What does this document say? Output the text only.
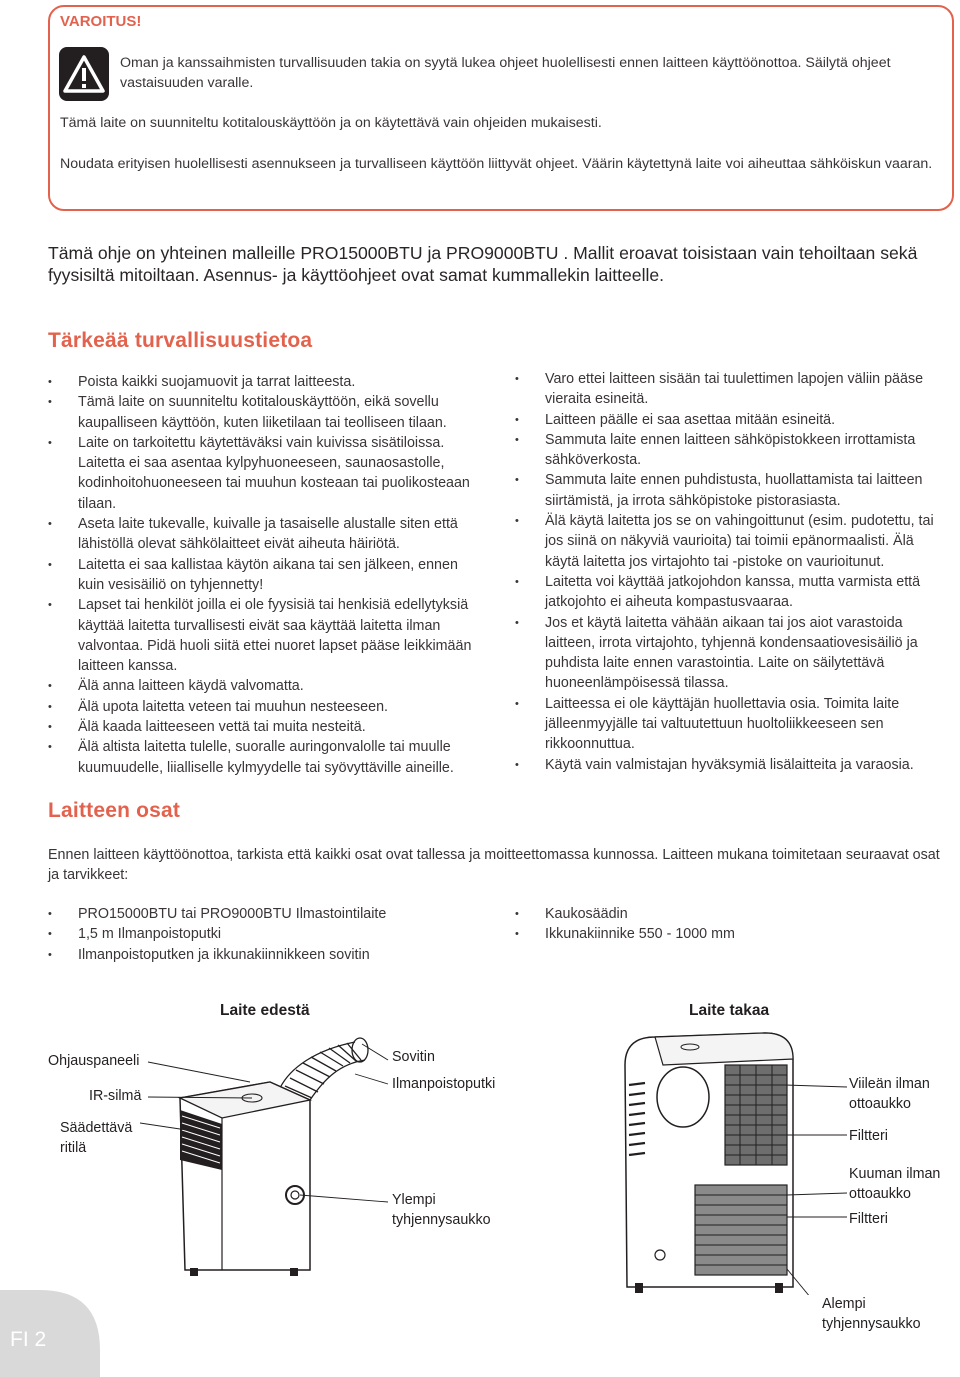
VAROITUS!

Oman ja kanssaihmisten turvallisuuden takia on syytä lukea ohjeet huolellisesti ennen laitteen käyttöönottoa. Säilytä ohjeet vastaisuuden varalle.

Tämä laite on suunniteltu kotitalouskäyttöön ja on käytettävä vain ohjeiden mukaisesti.

Noudata erityisen huolellisesti asennukseen ja turvalliseen käyttöön liittyvät ohjeet. Väärin käytettynä laite voi aiheuttaa sähköiskun vaaran.

Tämä ohje on yhteinen malleille PRO15000BTU ja PRO9000BTU . Mallit eroavat toisistaan vain tehoiltaan sekä fyysisiltä mitoiltaan. Asennus- ja käyttöohjeet ovat samat kummallekin laitteelle.

Tärkeää turvallisuustietoa
• Poista kaikki suojamuovit ja tarrat laitteesta.
• Tämä laite on suunniteltu kotitalouskäyttöön, eikä sovellu kaupalliseen käyttöön, kuten liiketilaan tai teolliseen tilaan.
• Laite on tarkoitettu käytettäväksi vain kuivissa sisätiloissa. Laitetta ei saa asentaa kylpyhuoneeseen, saunaosastolle, kodinhoitohuoneeseen tai muuhun kosteaan tai puolikosteaan tilaan.
• Aseta laite tukevalle, kuivalle ja tasaiselle alustalle siten että lähistöllä olevat sähkölaitteet eivät aiheuta häiriötä.
• Laitetta ei saa kallistaa käytön aikana tai sen jälkeen, ennen kuin vesisäiliö on tyhjennetty!
• Lapset tai henkilöt joilla ei ole fyysisiä tai henkisiä edellytyksiä käyttää laitetta turvallisesti eivät saa käyttää laitetta ilman valvontaa. Pidä huoli siitä ettei nuoret lapset pääse leikkimään laitteen kanssa.
• Älä anna laitteen käydä valvomatta.
• Älä upota laitetta veteen tai muuhun nesteeseen.
• Älä kaada laitteeseen vettä tai muita nesteitä.
• Älä altista laitetta tulelle, suoralle auringonvalolle tai muulle kuumuudelle, liialliselle kylmyydelle tai syövyttäville aineille.
• Varo ettei laitteen sisään tai tuulettimen lapojen väliin pääse vieraita esineitä.
• Laitteen päälle ei saa asettaa mitään esineitä.
• Sammuta laite ennen laitteen sähköpistokkeen irrottamista sähköverkosta.
• Sammuta laite ennen puhdistusta, huollattamista tai laitteen siirtämistä, ja irrota sähköpistoke pistorasiasta.
• Älä käytä laitetta jos se on vahingoittunut (esim. pudotettu, tai jos siinä on näkyviä vaurioita) tai toimii epänormaalisti. Älä käytä laitetta jos virtajohto tai -pistoke on vaurioitunut.
• Laitetta voi käyttää jatkojohdon kanssa, mutta varmista että jatkojohto ei aiheuta kompastusvaaraa.
• Jos et käytä laitetta vähään aikaan tai jos aiot varastoida laitteen, irrota virtajohto, tyhjennä kondensaatiovesisäiliö ja puhdista laite ennen varastointia. Laite on säilytettävä huoneenlämpöisessä tilassa.
• Laitteessa ei ole käyttäjän huollettavia osia. Toimita laite jälleenmyyjälle tai valtuutettuun huoltoliikkeeseen sen rikkoonnuttua.
• Käytä vain valmistajan hyväksymiä lisälaitteita ja varaosia.
Laitteen osat

Ennen laitteen käyttöönottoa, tarkista että kaikki osat ovat tallessa ja moitteettomassa kunnossa. Laitteen mukana toimitetaan seuraavat osat ja tarvikkeet:

• PRO15000BTU tai PRO9000BTU Ilmastointilaite
• 1,5 m Ilmanpoistoputki
• Ilmanpoistoputken ja ikkunakiinnikkeen sovitin
• Kaukosäädin
• Ikkunakiinnike 550 - 1000 mm
Laite edestä	Laite takaa
Ohjauspaneeli
IR-silmä
Säädettävä ritilä
Sovitin
Ilmanpoistoputki
Ylempi tyhjennysaukko
Viileän ilman ottoaukko
Filtteri
Kuuman ilman ottoaukko
Filtteri
Alempi tyhjennysaukko
FI 2
